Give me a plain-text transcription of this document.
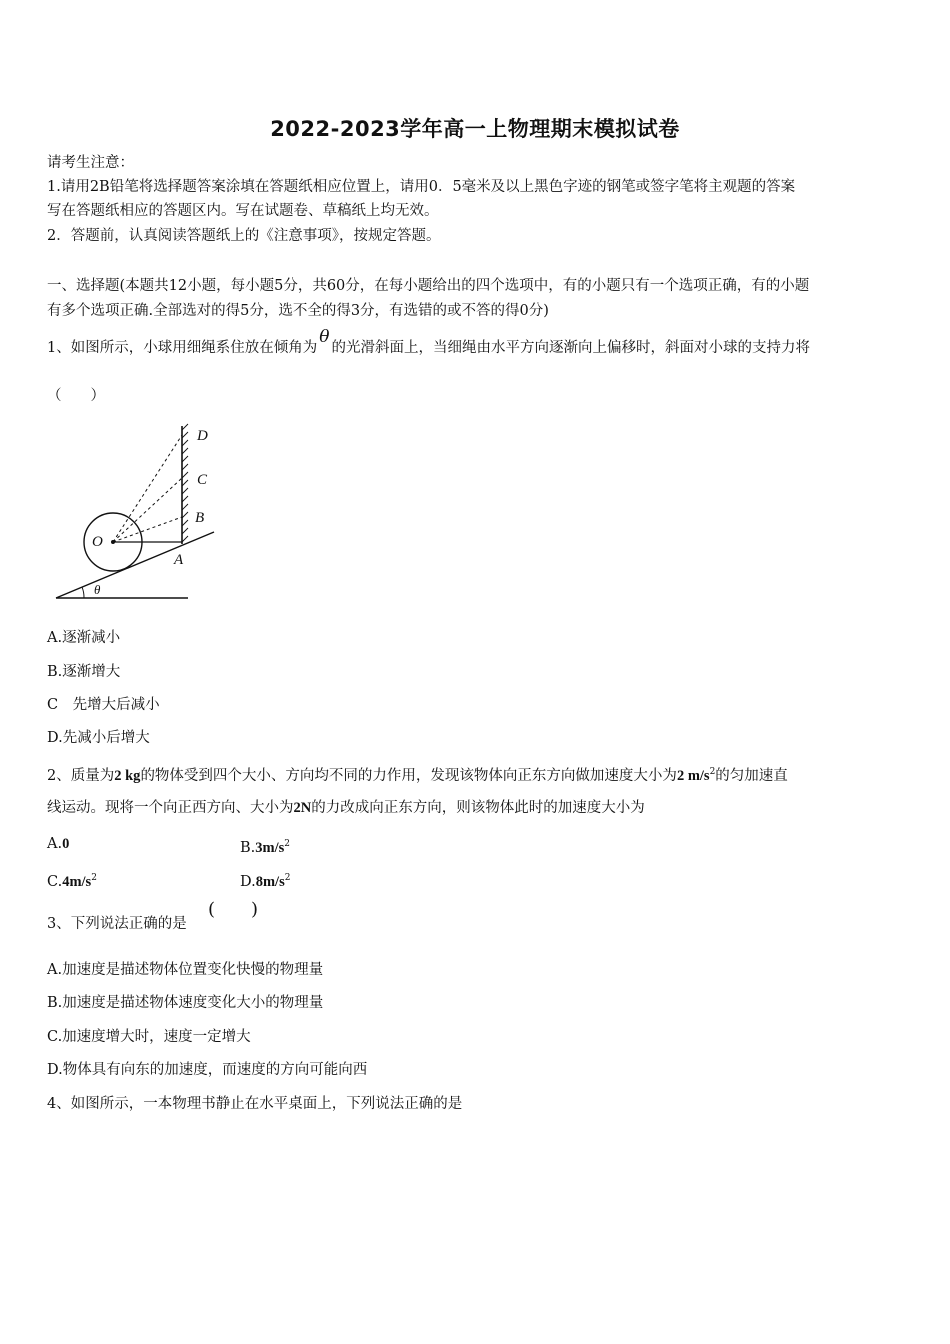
2022-2023学年高一上物理期末模拟试卷
请考生注意：
1.请用2B铅笔将选择题答案涂填在答题纸相应位置上，请用0．5毫米及以上黑色字迹的钢笔或签字笔将主观题的答案
写在答题纸相应的答题区内。写在试题卷、草稿纸上均无效。
2．答题前，认真阅读答题纸上的《注意事项》，按规定答题。
一、选择题(本题共12小题，每小题5分，共60分，在每小题给出的四个选项中，有的小题只有一个选项正确，有的小题
有多个选项正确.全部选对的得5分，选不全的得3分，有选错的或不答的得0分)
1、如图所示，小球用细绳系住放在倾角为θ的光滑斜面上，当细绳由水平方向逐渐向上偏移时，斜面对小球的支持力将
（　　）
D
C
B
O
A
θ
A.逐渐减小
B.逐渐增大
C　先增大后减小
D.先减小后增大
2、质量为2 kg的物体受到四个大小、方向均不同的力作用，发现该物体向正东方向做加速度大小为2 $m/s^2$的匀加速直
线运动。现将一个向正西方向、大小为2N的力改成向正东方向，则该物体此时的加速度大小为
A.0	$B.3m/s^2$
$C.4m/s^2$	$D.8m/s^2$
3、下列说法正确的是
(　　)
A.加速度是描述物体位置变化快慢的物理量
B.加速度是描述物体速度变化大小的物理量
C.加速度增大时，速度一定增大
D.物体具有向东的加速度，而速度的方向可能向西
4、如图所示，一本物理书静止在水平桌面上，下列说法正确的是
